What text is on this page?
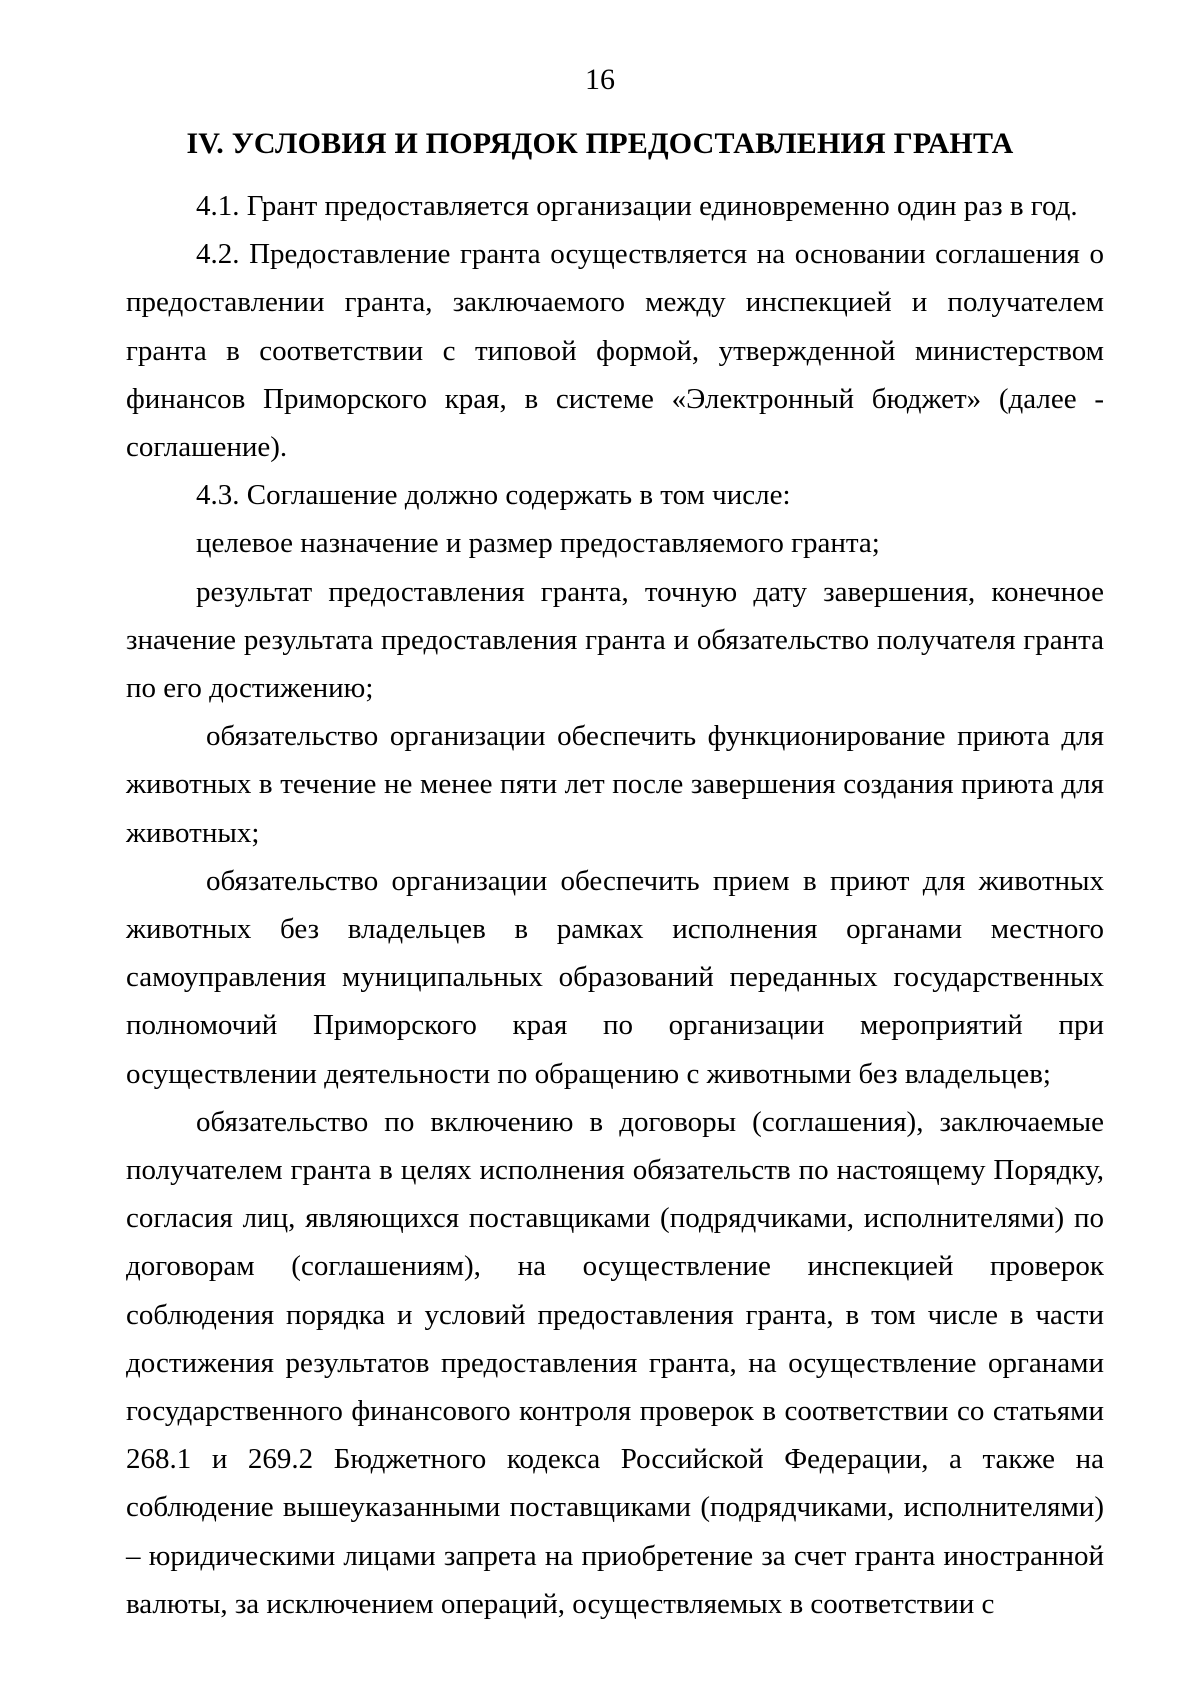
16
IV. УСЛОВИЯ И ПОРЯДОК ПРЕДОСТАВЛЕНИЯ ГРАНТА

4.1. Грант предоставляется организации единовременно один раз в год.

4.2. Предоставление гранта осуществляется на основании соглашения о предоставлении гранта, заключаемого между инспекцией и получателем гранта в соответствии с типовой формой, утвержденной министерством финансов Приморского края, в системе «Электронный бюджет» (далее - соглашение).

4.3. Соглашение должно содержать в том числе:

целевое назначение и размер предоставляемого гранта;

результат предоставления гранта, точную дату завершения, конечное значение результата предоставления гранта и обязательство получателя гранта по его достижению;

обязательство организации обеспечить функционирование приюта для животных в течение не менее пяти лет после завершения создания приюта для животных;

обязательство организации обеспечить прием в приют для животных животных без владельцев в рамках исполнения органами местного самоуправления муниципальных образований переданных государственных полномочий Приморского края по организации мероприятий при осуществлении деятельности по обращению с животными без владельцев;

обязательство по включению в договоры (соглашения), заключаемые получателем гранта в целях исполнения обязательств по настоящему Порядку, согласия лиц, являющихся поставщиками (подрядчиками, исполнителями) по договорам (соглашениям), на осуществление инспекцией проверок соблюдения порядка и условий предоставления гранта, в том числе в части достижения результатов предоставления гранта, на осуществление органами государственного финансового контроля проверок в соответствии со статьями 268.1 и 269.2 Бюджетного кодекса Российской Федерации, а также на соблюдение вышеуказанными поставщиками (подрядчиками, исполнителями) – юридическими лицами запрета на приобретение за счет гранта иностранной валюты, за исключением операций, осуществляемых в соответствии с
